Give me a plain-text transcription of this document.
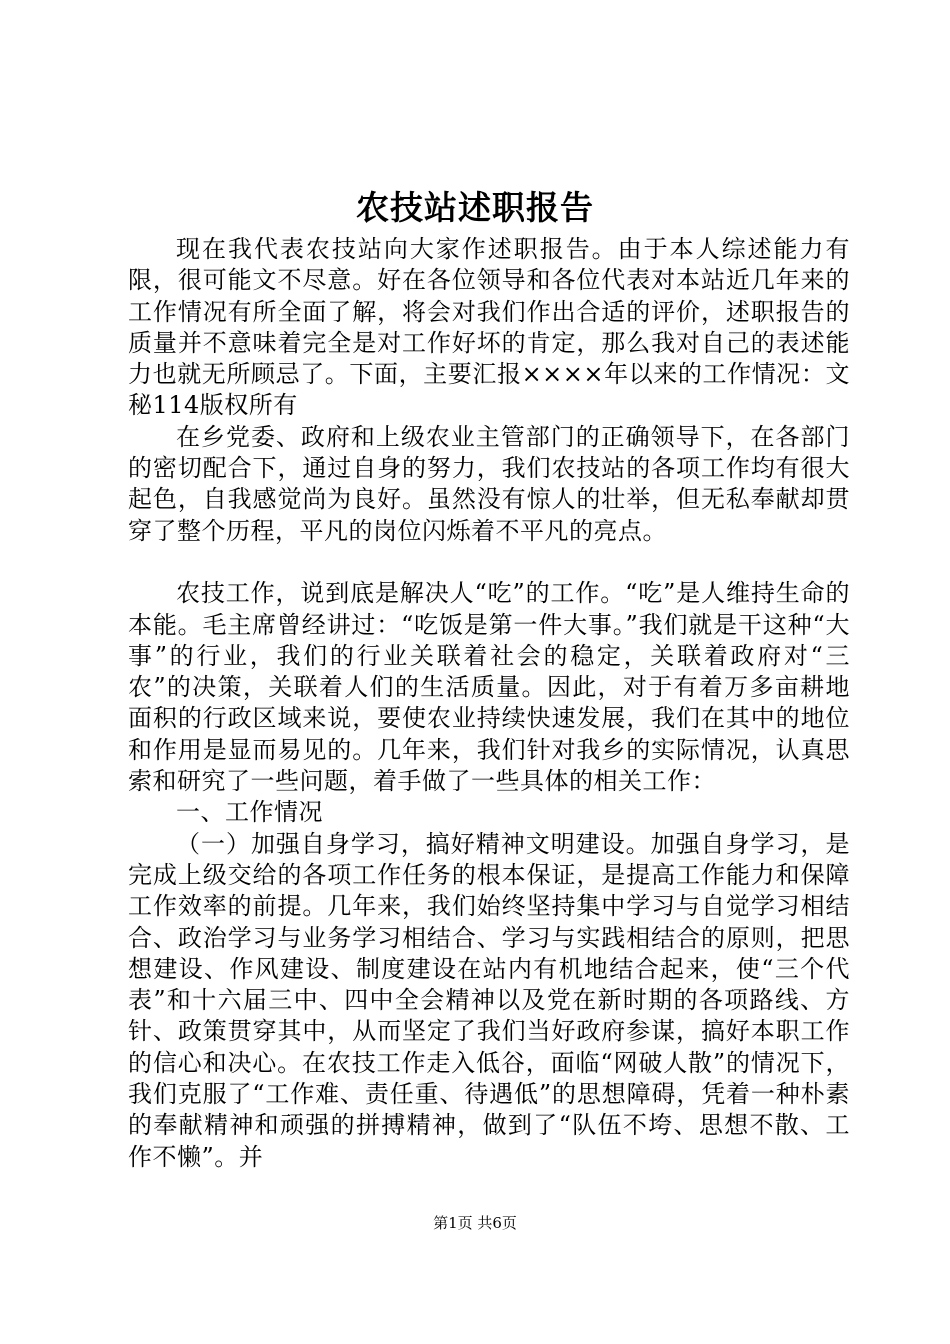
农技站述职报告

现在我代表农技站向大家作述职报告。由于本人综述能力有限，很可能文不尽意。好在各位领导和各位代表对本站近几年来的工作情况有所全面了解，将会对我们作出合适的评价，述职报告的质量并不意味着完全是对工作好坏的肯定，那么我对自己的表述能力也就无所顾忌了。下面，主要汇报××××年以来的工作情况：文秘114版权所有

在乡党委、政府和上级农业主管部门的正确领导下，在各部门的密切配合下，通过自身的努力，我们农技站的各项工作均有很大起色，自我感觉尚为良好。虽然没有惊人的壮举，但无私奉献却贯穿了整个历程，平凡的岗位闪烁着不平凡的亮点。

农技工作，说到底是解决人“吃”的工作。“吃”是人维持生命的本能。毛主席曾经讲过：“吃饭是第一件大事。”我们就是干这种“大事”的行业，我们的行业关联着社会的稳定，关联着政府对“三农”的决策，关联着人们的生活质量。因此，对于有着万多亩耕地面积的行政区域来说，要使农业持续快速发展，我们在其中的地位和作用是显而易见的。几年来，我们针对我乡的实际情况，认真思索和研究了一些问题，着手做了一些具体的相关工作：

一、工作情况

（一）加强自身学习，搞好精神文明建设。加强自身学习，是完成上级交给的各项工作任务的根本保证，是提高工作能力和保障工作效率的前提。几年来，我们始终坚持集中学习与自觉学习相结合、政治学习与业务学习相结合、学习与实践相结合的原则，把思想建设、作风建设、制度建设在站内有机地结合起来，使“三个代表”和十六届三中、四中全会精神以及党在新时期的各项路线、方针、政策贯穿其中，从而坚定了我们当好政府参谋，搞好本职工作的信心和决心。在农技工作走入低谷，面临“网破人散”的情况下，我们克服了“工作难、责任重、待遇低”的思想障碍，凭着一种朴素的奉献精神和顽强的拼搏精神，做到了“队伍不垮、思想不散、工作不懒”。并

第1页 共6页
